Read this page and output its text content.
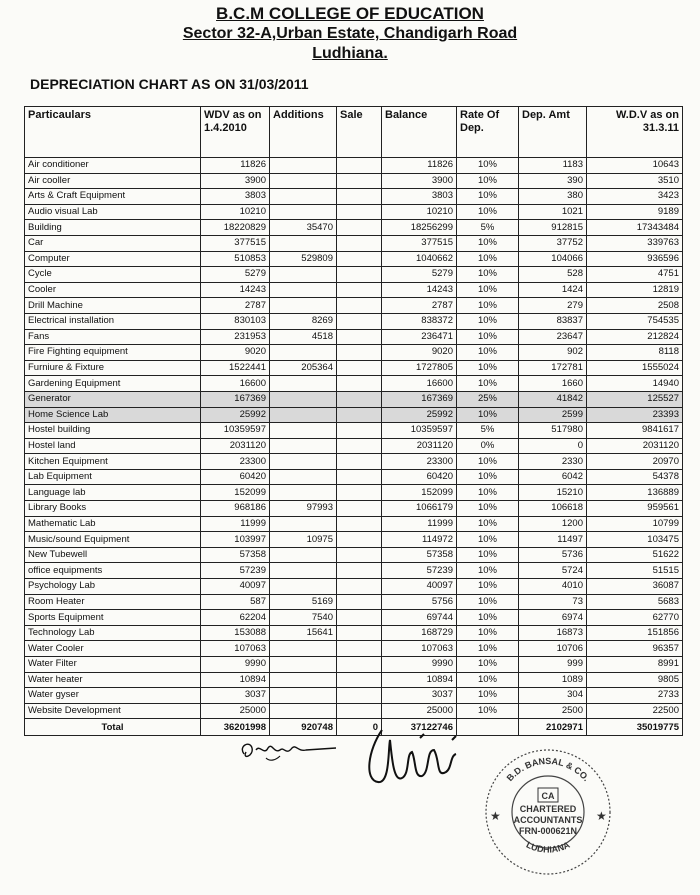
B.C.M COLLEGE OF EDUCATION
Sector 32-A,Urban Estate, Chandigarh Road
Ludhiana.
DEPRECIATION CHART AS ON 31/03/2011
Particaulars	WDV as on 1.4.2010	Additions	Sale	Balance	Rate Of Dep.	Dep. Amt	W.D.V as on 31.3.11
Air conditioner	11826			11826	10%	1183	10643
Air cooller	3900			3900	10%	390	3510
Arts & Craft Equipment	3803			3803	10%	380	3423
Audio visual Lab	10210			10210	10%	1021	9189
Building	18220829	35470		18256299	5%	912815	17343484
Car	377515			377515	10%	37752	339763
Computer	510853	529809		1040662	10%	104066	936596
Cycle	5279			5279	10%	528	4751
Cooler	14243			14243	10%	1424	12819
Drill Machine	2787			2787	10%	279	2508
Electrical installation	830103	8269		838372	10%	83837	754535
Fans	231953	4518		236471	10%	23647	212824
Fire Fighting equipment	9020			9020	10%	902	8118
Furniure & Fixture	1522441	205364		1727805	10%	172781	1555024
Gardening Equipment	16600			16600	10%	1660	14940
Generator	167369			167369	25%	41842	125527
Home Science Lab	25992			25992	10%	2599	23393
Hostel building	10359597			10359597	5%	517980	9841617
Hostel land	2031120			2031120	0%	0	2031120
Kitchen Equipment	23300			23300	10%	2330	20970
Lab Equipment	60420			60420	10%	6042	54378
Language lab	152099			152099	10%	15210	136889
Library Books	968186	97993		1066179	10%	106618	959561
Mathematic Lab	11999			11999	10%	1200	10799
Music/sound Equipment	103997	10975		114972	10%	11497	103475
New Tubewell	57358			57358	10%	5736	51622
office equipments	57239			57239	10%	5724	51515
Psychology Lab	40097			40097	10%	4010	36087
Room Heater	587	5169		5756	10%	73	5683
Sports Equipment	62204	7540		69744	10%	6974	62770
Technology Lab	153088	15641		168729	10%	16873	151856
Water Cooler	107063			107063	10%	10706	96357
Water Filter	9990			9990	10%	999	8991
Water heater	10894			10894	10%	1089	9805
Water gyser	3037			3037	10%	304	2733
Website Development	25000			25000	10%	2500	22500
Total	36201998	920748	0	37122746		2102971	35019775
B.D. BANSAL & CO.
LUDHIANA
CA
CHARTERED
ACCOUNTANTS
FRN-000621N
★	★
